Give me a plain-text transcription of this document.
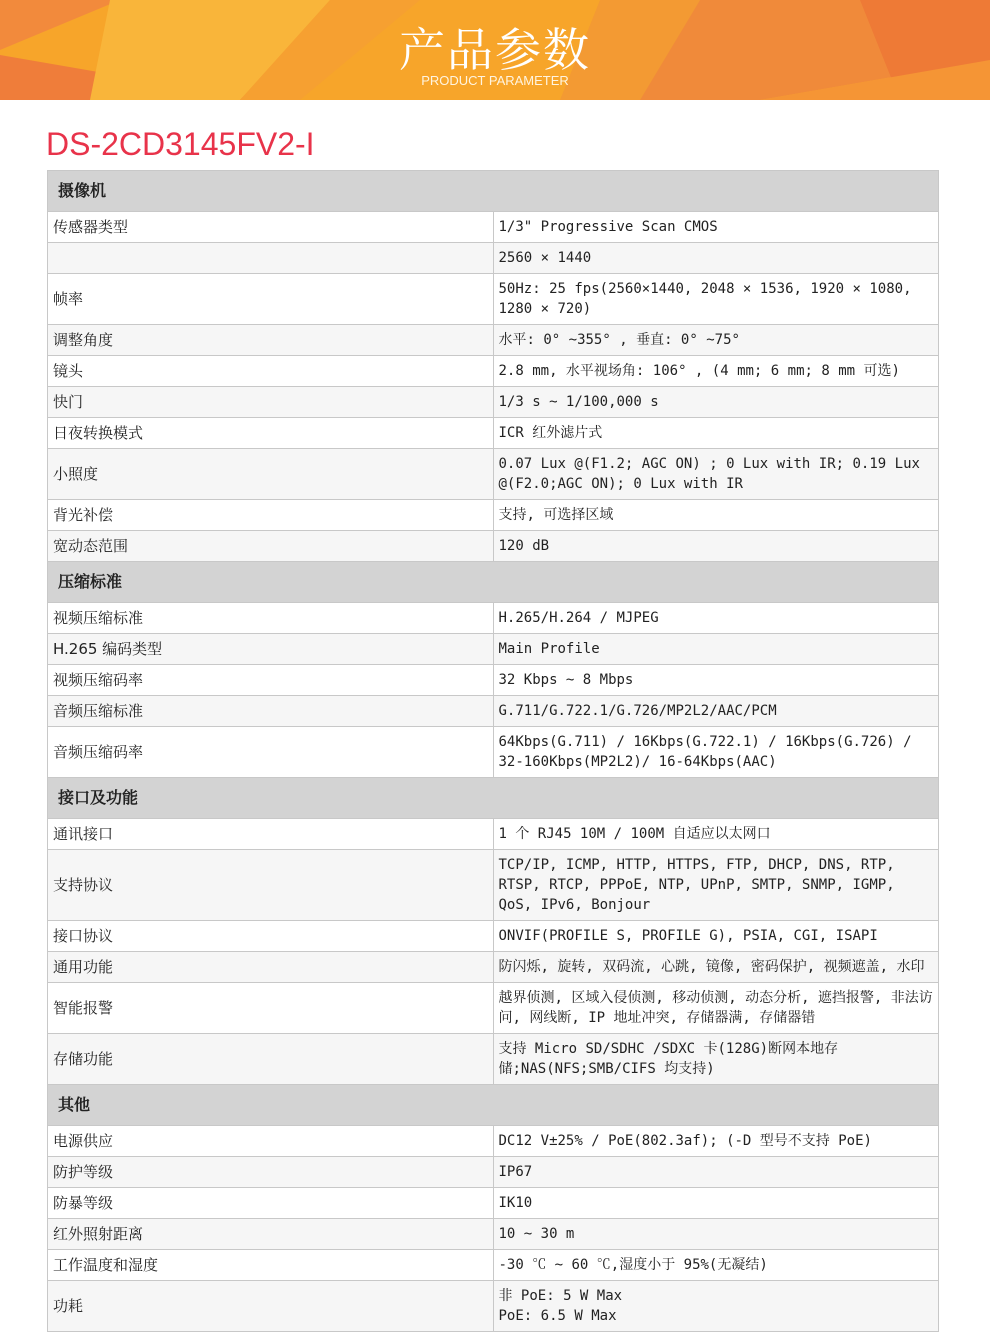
产品参数
PRODUCT PARAMETER
DS-2CD3145FV2-I
摄像机	
传感器类型	1/3" Progressive Scan CMOS
	2560 × 1440
帧率	50Hz: 25 fps(2560×1440, 2048 × 1536, 1920 × 1080, 1280 × 720)
调整角度	水平: 0° ~355° , 垂直: 0° ~75°
镜头	2.8 mm, 水平视场角: 106° , (4 mm; 6 mm; 8 mm 可选)
快门	1/3 s ~ 1/100,000 s
日夜转换模式	ICR 红外滤片式
小照度	0.07 Lux @(F1.2; AGC ON) ; 0 Lux with IR; 0.19 Lux @(F2.0;AGC ON); 0 Lux with IR
背光补偿	支持, 可选择区域
宽动态范围	120 dB
压缩标准	
视频压缩标准	H.265/H.264 / MJPEG
H.265 编码类型	Main Profile
视频压缩码率	32 Kbps ~ 8 Mbps
音频压缩标准	G.711/G.722.1/G.726/MP2L2/AAC/PCM
音频压缩码率	64Kbps(G.711) / 16Kbps(G.722.1) / 16Kbps(G.726) / 32-160Kbps(MP2L2)/ 16-64Kbps(AAC)
接口及功能	
通讯接口	1 个 RJ45 10M / 100M 自适应以太网口
支持协议	TCP/IP, ICMP, HTTP, HTTPS, FTP, DHCP, DNS, RTP, RTSP, RTCP, PPPoE, NTP, UPnP, SMTP, SNMP, IGMP, QoS, IPv6, Bonjour
接口协议	ONVIF(PROFILE S, PROFILE G), PSIA, CGI, ISAPI
通用功能	防闪烁, 旋转, 双码流, 心跳, 镜像, 密码保护, 视频遮盖, 水印
智能报警	越界侦测, 区域入侵侦测, 移动侦测, 动态分析, 遮挡报警, 非法访问, 网线断, IP 地址冲突, 存储器满, 存储器错
存储功能	支持 Micro SD/SDHC /SDXC 卡(128G)断网本地存储;NAS(NFS;SMB/CIFS 均支持)
其他	
电源供应	DC12 V±25% / PoE(802.3af); (-D 型号不支持 PoE)
防护等级	IP67
防暴等级	IK10
红外照射距离	10 ~ 30 m
工作温度和湿度	-30 ℃ ~ 60 ℃,湿度小于 95%(无凝结)
功耗	非 PoE: 5 W Max
PoE: 6.5 W Max
